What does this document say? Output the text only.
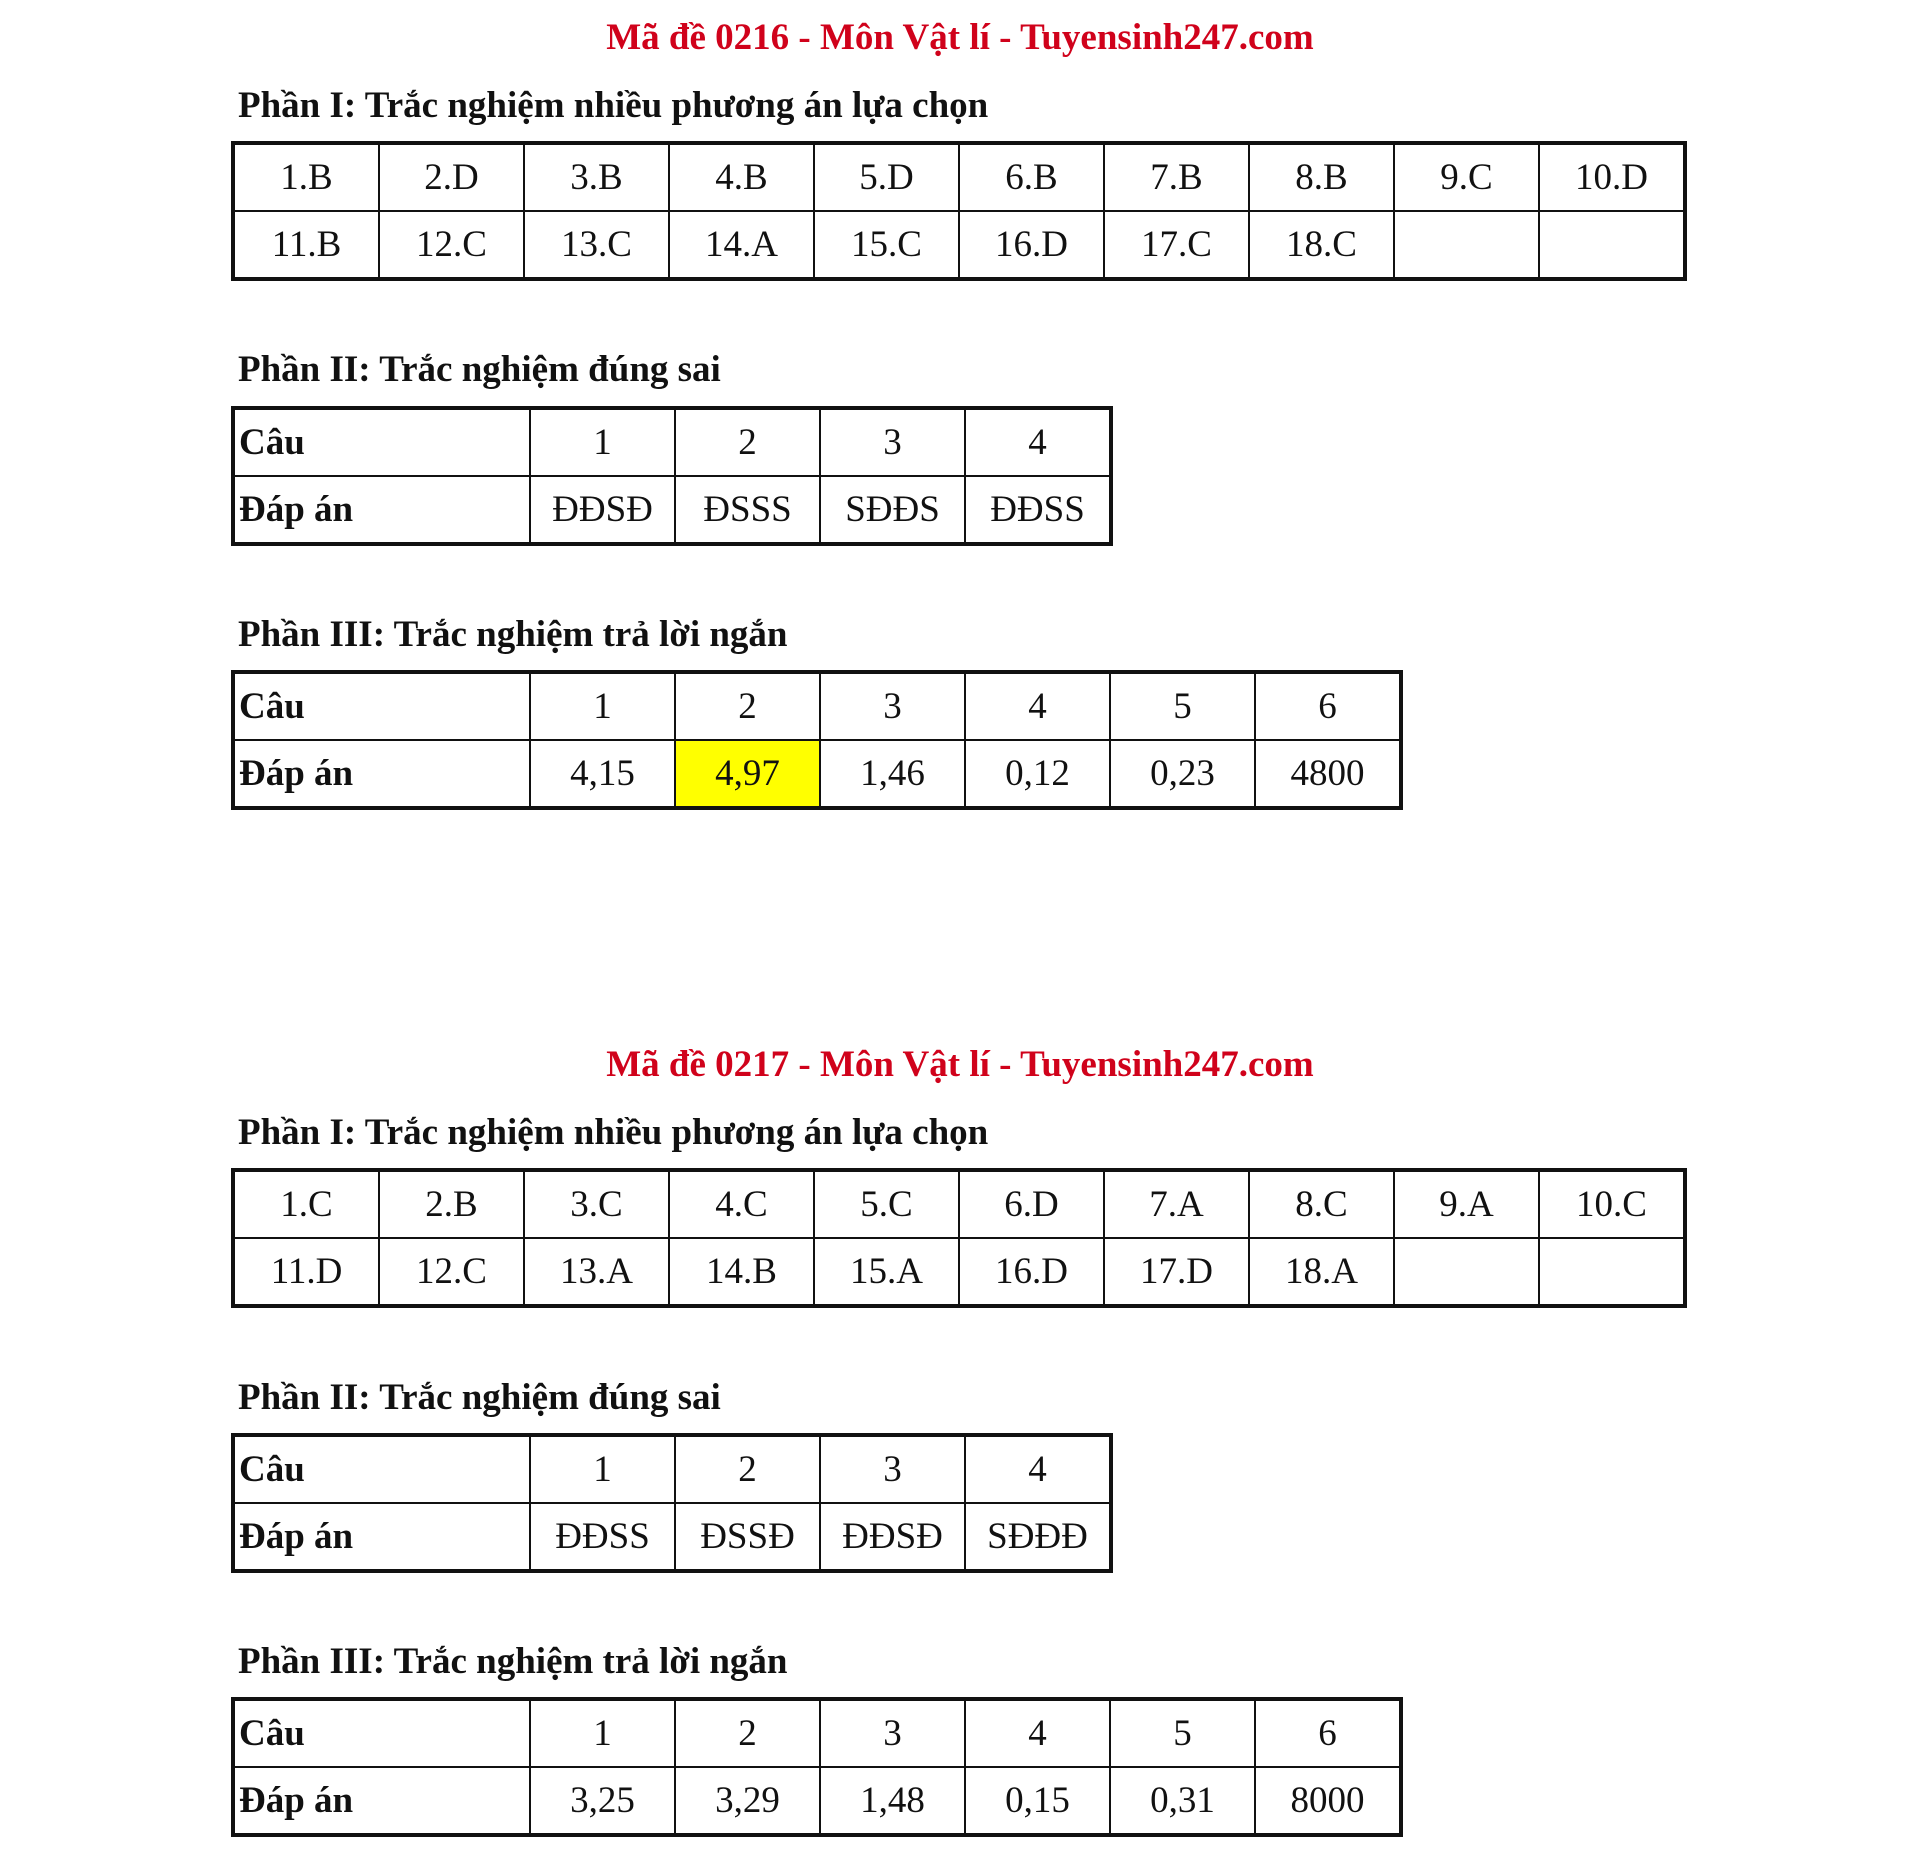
Mã đề 0216 - Môn Vật lí - Tuyensinh247.com
Phần I: Trắc nghiệm nhiều phương án lựa chọn
1.B	2.D	3.B	4.B	5.D	6.B	7.B	8.B	9.C	10.D
11.B	12.C	13.C	14.A	15.C	16.D	17.C	18.C		
Phần II: Trắc nghiệm đúng sai
Câu	1	2	3	4
Đáp án	ĐĐSĐ	ĐSSS	SĐĐS	ĐĐSS
Phần III: Trắc nghiệm trả lời ngắn
Câu	1	2	3	4	5	6
Đáp án	4,15	4,97	1,46	0,12	0,23	4800
Mã đề 0217 - Môn Vật lí - Tuyensinh247.com
Phần I: Trắc nghiệm nhiều phương án lựa chọn
1.C	2.B	3.C	4.C	5.C	6.D	7.A	8.C	9.A	10.C
11.D	12.C	13.A	14.B	15.A	16.D	17.D	18.A		
Phần II: Trắc nghiệm đúng sai
Câu	1	2	3	4
Đáp án	ĐĐSS	ĐSSĐ	ĐĐSĐ	SĐĐĐ
Phần III: Trắc nghiệm trả lời ngắn
Câu	1	2	3	4	5	6
Đáp án	3,25	3,29	1,48	0,15	0,31	8000
